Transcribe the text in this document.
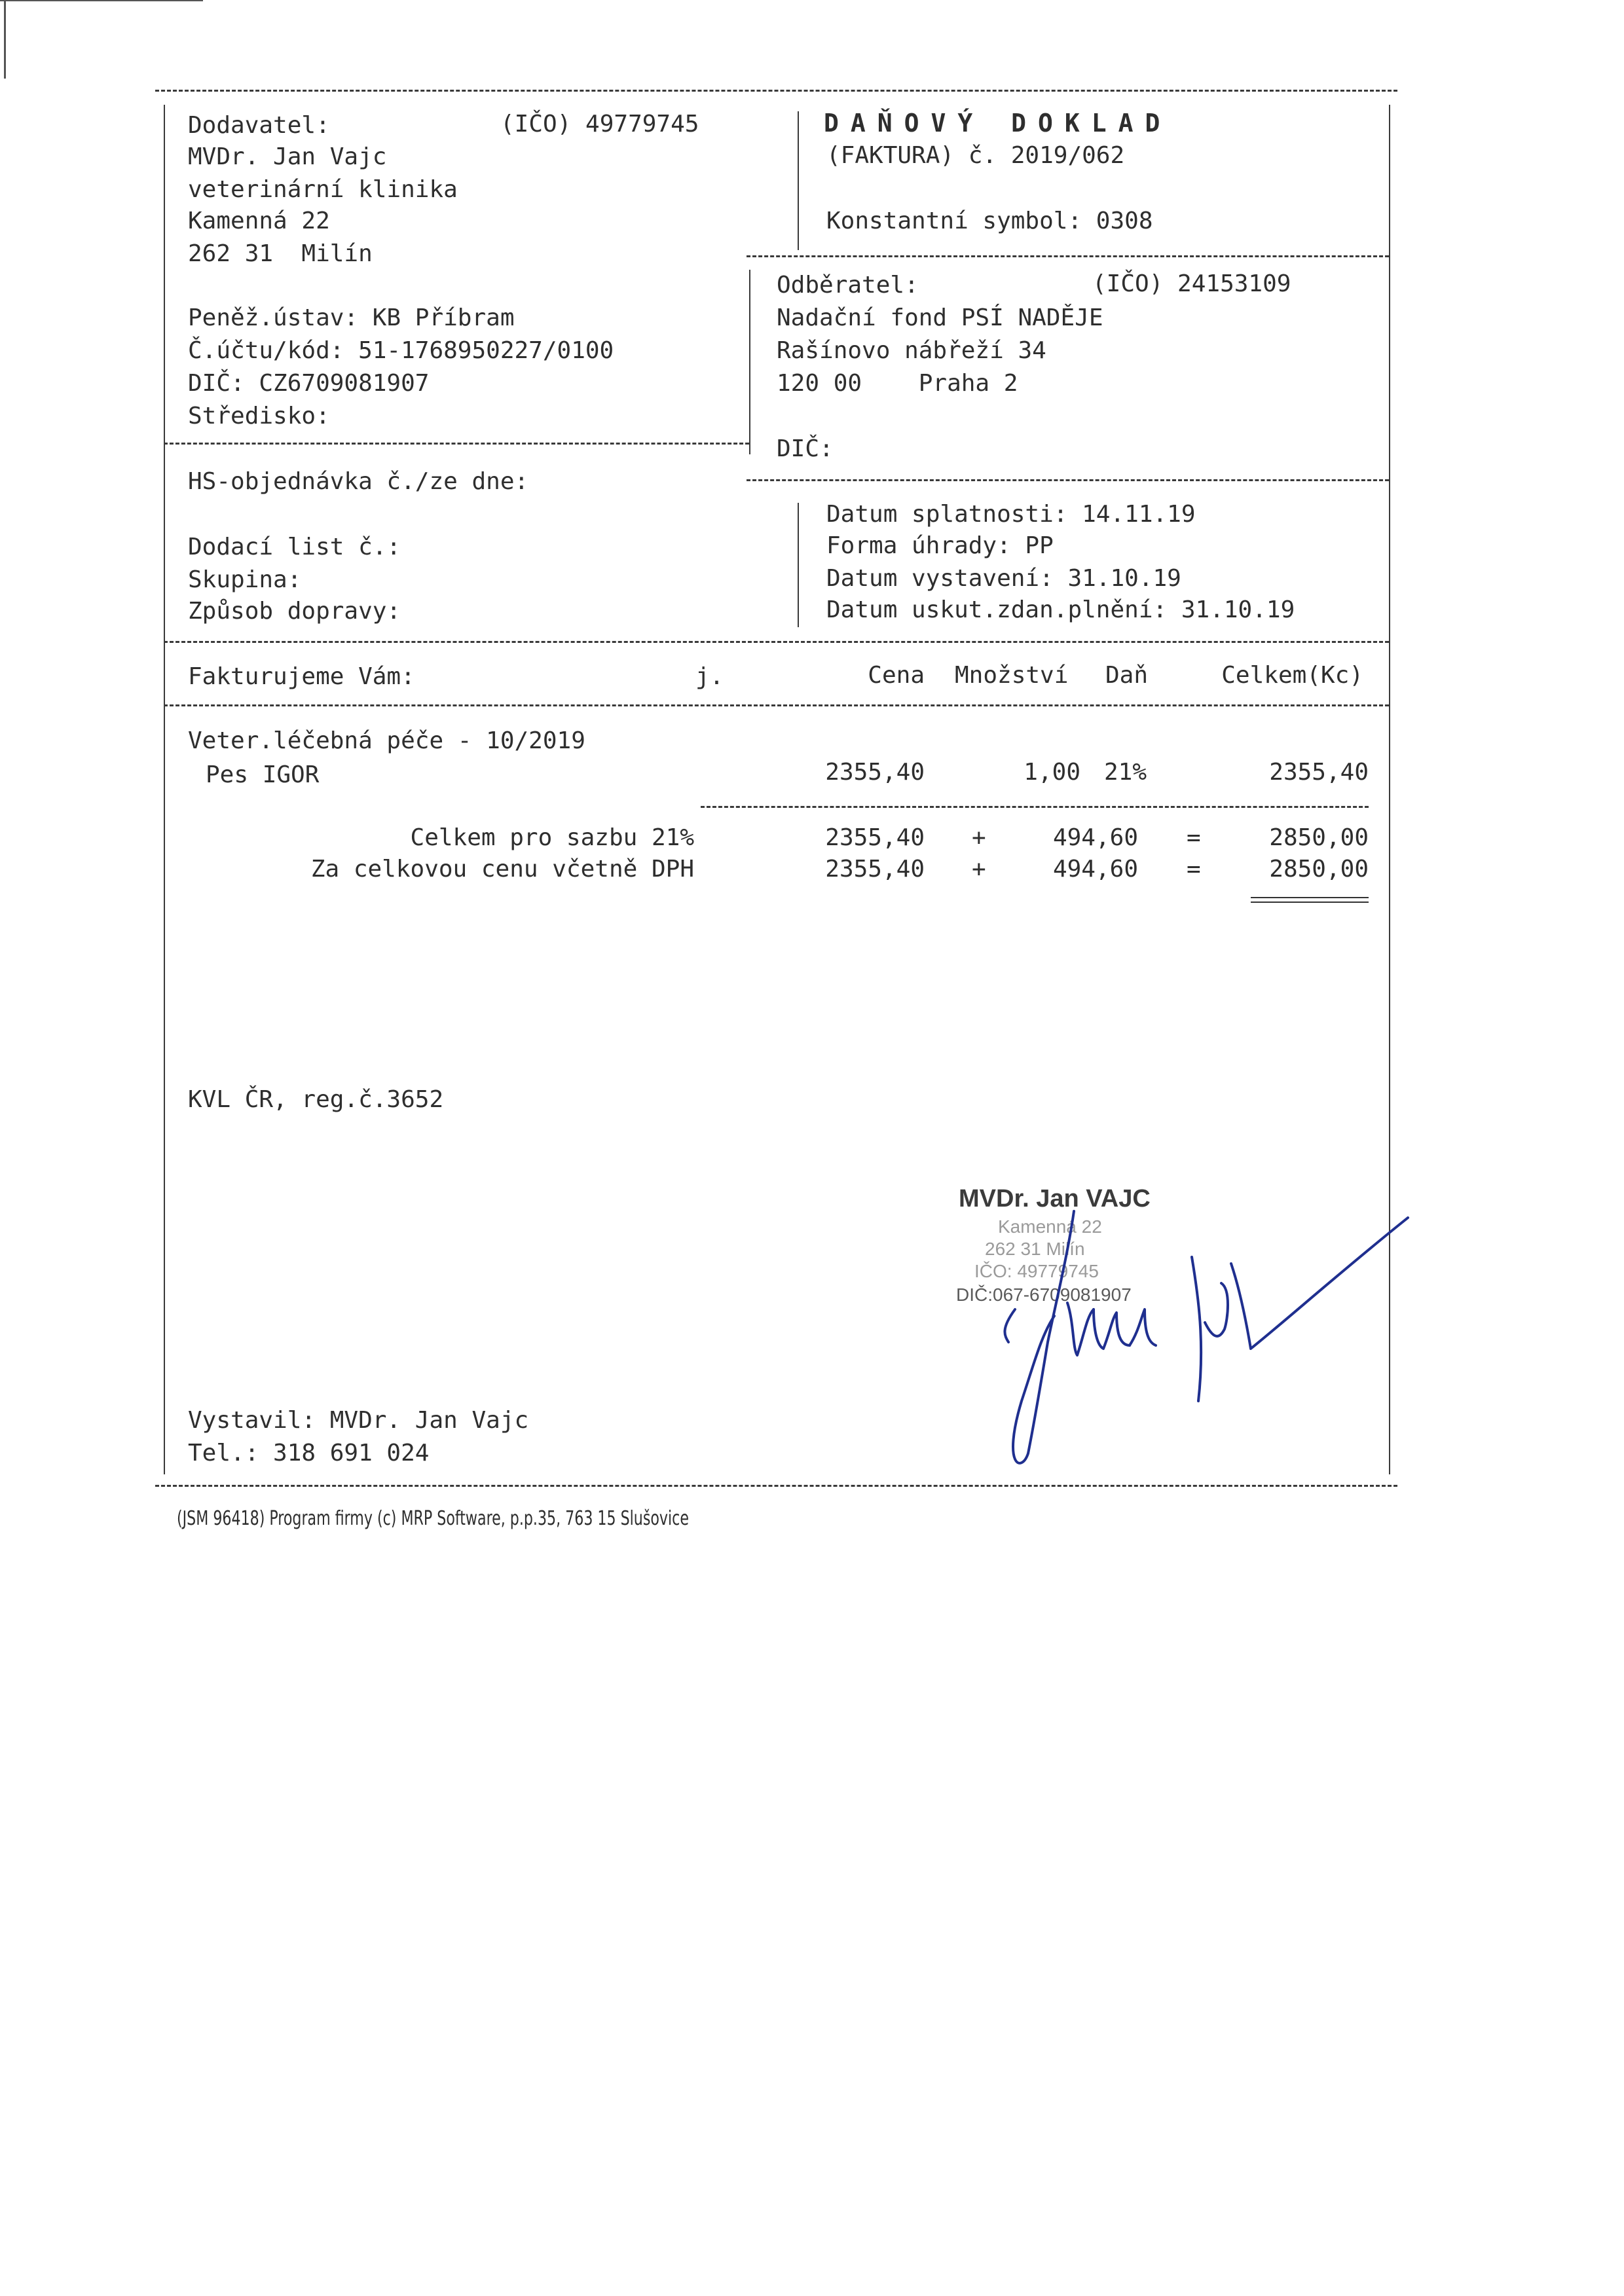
Dodavatel:	(IČO) 49779745
MVDr. Jan Vajc
veterinární klinika
Kamenná 22
262 31  Milín
Peněž.ústav: KB Příbram
Č.účtu/kód: 51-1768950227/0100
DIČ: CZ6709081907
Středisko:
DAŇOVÝ DOKLAD
(FAKTURA) č. 2019/062
Konstantní symbol: 0308
Odběratel:	(IČO) 24153109
Nadační fond PSÍ NADĚJE
Rašínovo nábřeží 34
120 00    Praha 2
DIČ:
HS-objednávka č./ze dne:
Dodací list č.:
Skupina:
Způsob dopravy:
Datum splatnosti: 14.11.19
Forma úhrady: PP
Datum vystavení: 31.10.19
Datum uskut.zdan.plnění: 31.10.19
Fakturujeme Vám:	j.	Cena Množství Daň	Celkem(Kc)
Veter.léčebná péče - 10/2019
Pes IGOR	2355,40	1,00 21%	2355,40
Celkem pro sazbu 21%	2355,40 +	494,60 =	2850,00
Za celkovou cenu včetně DPH	2355,40 +	494,60 =	2850,00
KVL ČR, reg.č.3652
MVDr. Jan VAJC
Kamenná 22
262 31 Milín
IČO: 49779745
DIČ:067-6709081907
Vystavil: MVDr. Jan Vajc
Tel.: 318 691 024
(JSM 96418) Program firmy (c) MRP Software, p.p.35, 763 15 Slušovice
